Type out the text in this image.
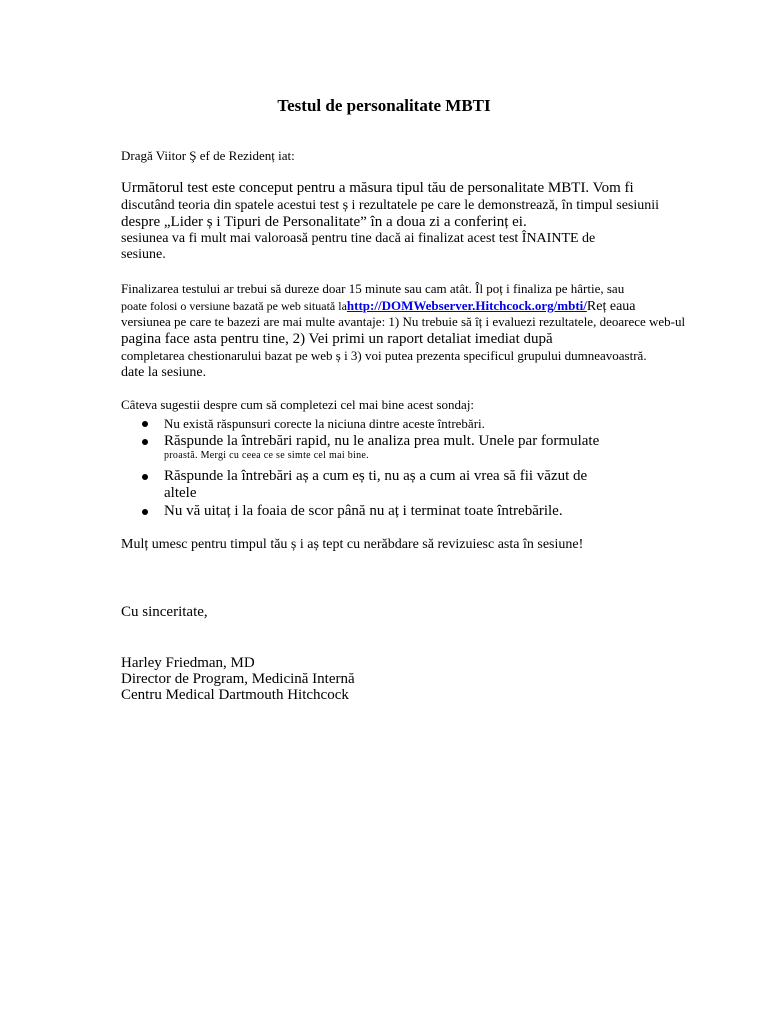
Testul de personalitate MBTI
Dragă Viitor Ş ef de Rezidenț iat:
Următorul test este conceput pentru a măsura tipul tău de personalitate MBTI. Vom fi
discutând teoria din spatele acestui test ș i rezultatele pe care le demonstrează, în timpul sesiunii
despre „Lider ș i Tipuri de Personalitate” în a doua zi a conferinț ei.
sesiunea va fi mult mai valoroasă pentru tine dacă ai finalizat acest test ÎNAINTE de
sesiune.
Finalizarea testului ar trebui să dureze doar 15 minute sau cam atât. Îl poț i finaliza pe hârtie, sau
poate folosi o versiune bazată pe web situată lahttp://DOMWebserver.Hitchcock.org/mbti/Reț eaua
versiunea pe care te bazezi are mai multe avantaje: 1) Nu trebuie să îț i evaluezi rezultatele, deoarece web-ul
pagina face asta pentru tine, 2) Vei primi un raport detaliat imediat după
completarea chestionarului bazat pe web ș i 3) voi putea prezenta specificul grupului dumneavoastră.
date la sesiune.
Câteva sugestii despre cum să completezi cel mai bine acest sondaj:
Nu există răspunsuri corecte la niciuna dintre aceste întrebări.
Răspunde la întrebări rapid, nu le analiza prea mult. Unele par formulate
proastă. Mergi cu ceea ce se simte cel mai bine.
Răspunde la întrebări aș a cum eș ti, nu aș a cum ai vrea să fii văzut de
altele
Nu vă uitaț i la foaia de scor până nu aț i terminat toate întrebările.
Mulț umesc pentru timpul tău ș i aș tept cu nerăbdare să revizuiesc asta în sesiune!
Cu sinceritate,
Harley Friedman, MD
Director de Program, Medicină Internă
Centru Medical Dartmouth Hitchcock
